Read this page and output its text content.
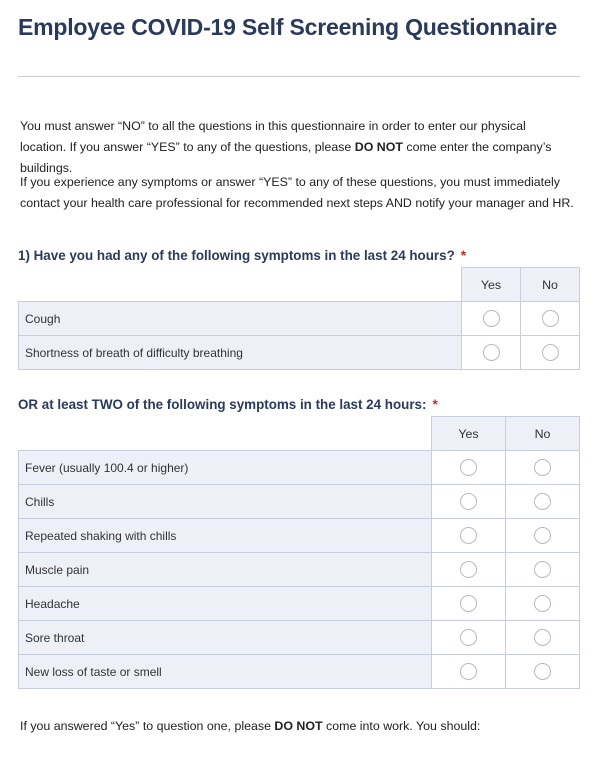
Employee COVID-19 Self Screening Questionnaire
You must answer “NO” to all the questions in this questionnaire in order to enter our physical location. If you answer “YES” to any of the questions, please DO NOT come enter the company’s buildings.
If you experience any symptoms or answer “YES” to any of these questions, you must immediately contact your health care professional for recommended next steps AND notify your manager and HR.
1) Have you had any of the following symptoms in the last 24 hours? *
	Yes	No
Cough		
Shortness of breath of difficulty breathing		
OR at least TWO of the following symptoms in the last 24 hours: *
	Yes	No
Fever (usually 100.4 or higher)		
Chills		
Repeated shaking with chills		
Muscle pain		
Headache		
Sore throat		
New loss of taste or smell		
If you answered “Yes” to question one, please DO NOT come into work. You should:
